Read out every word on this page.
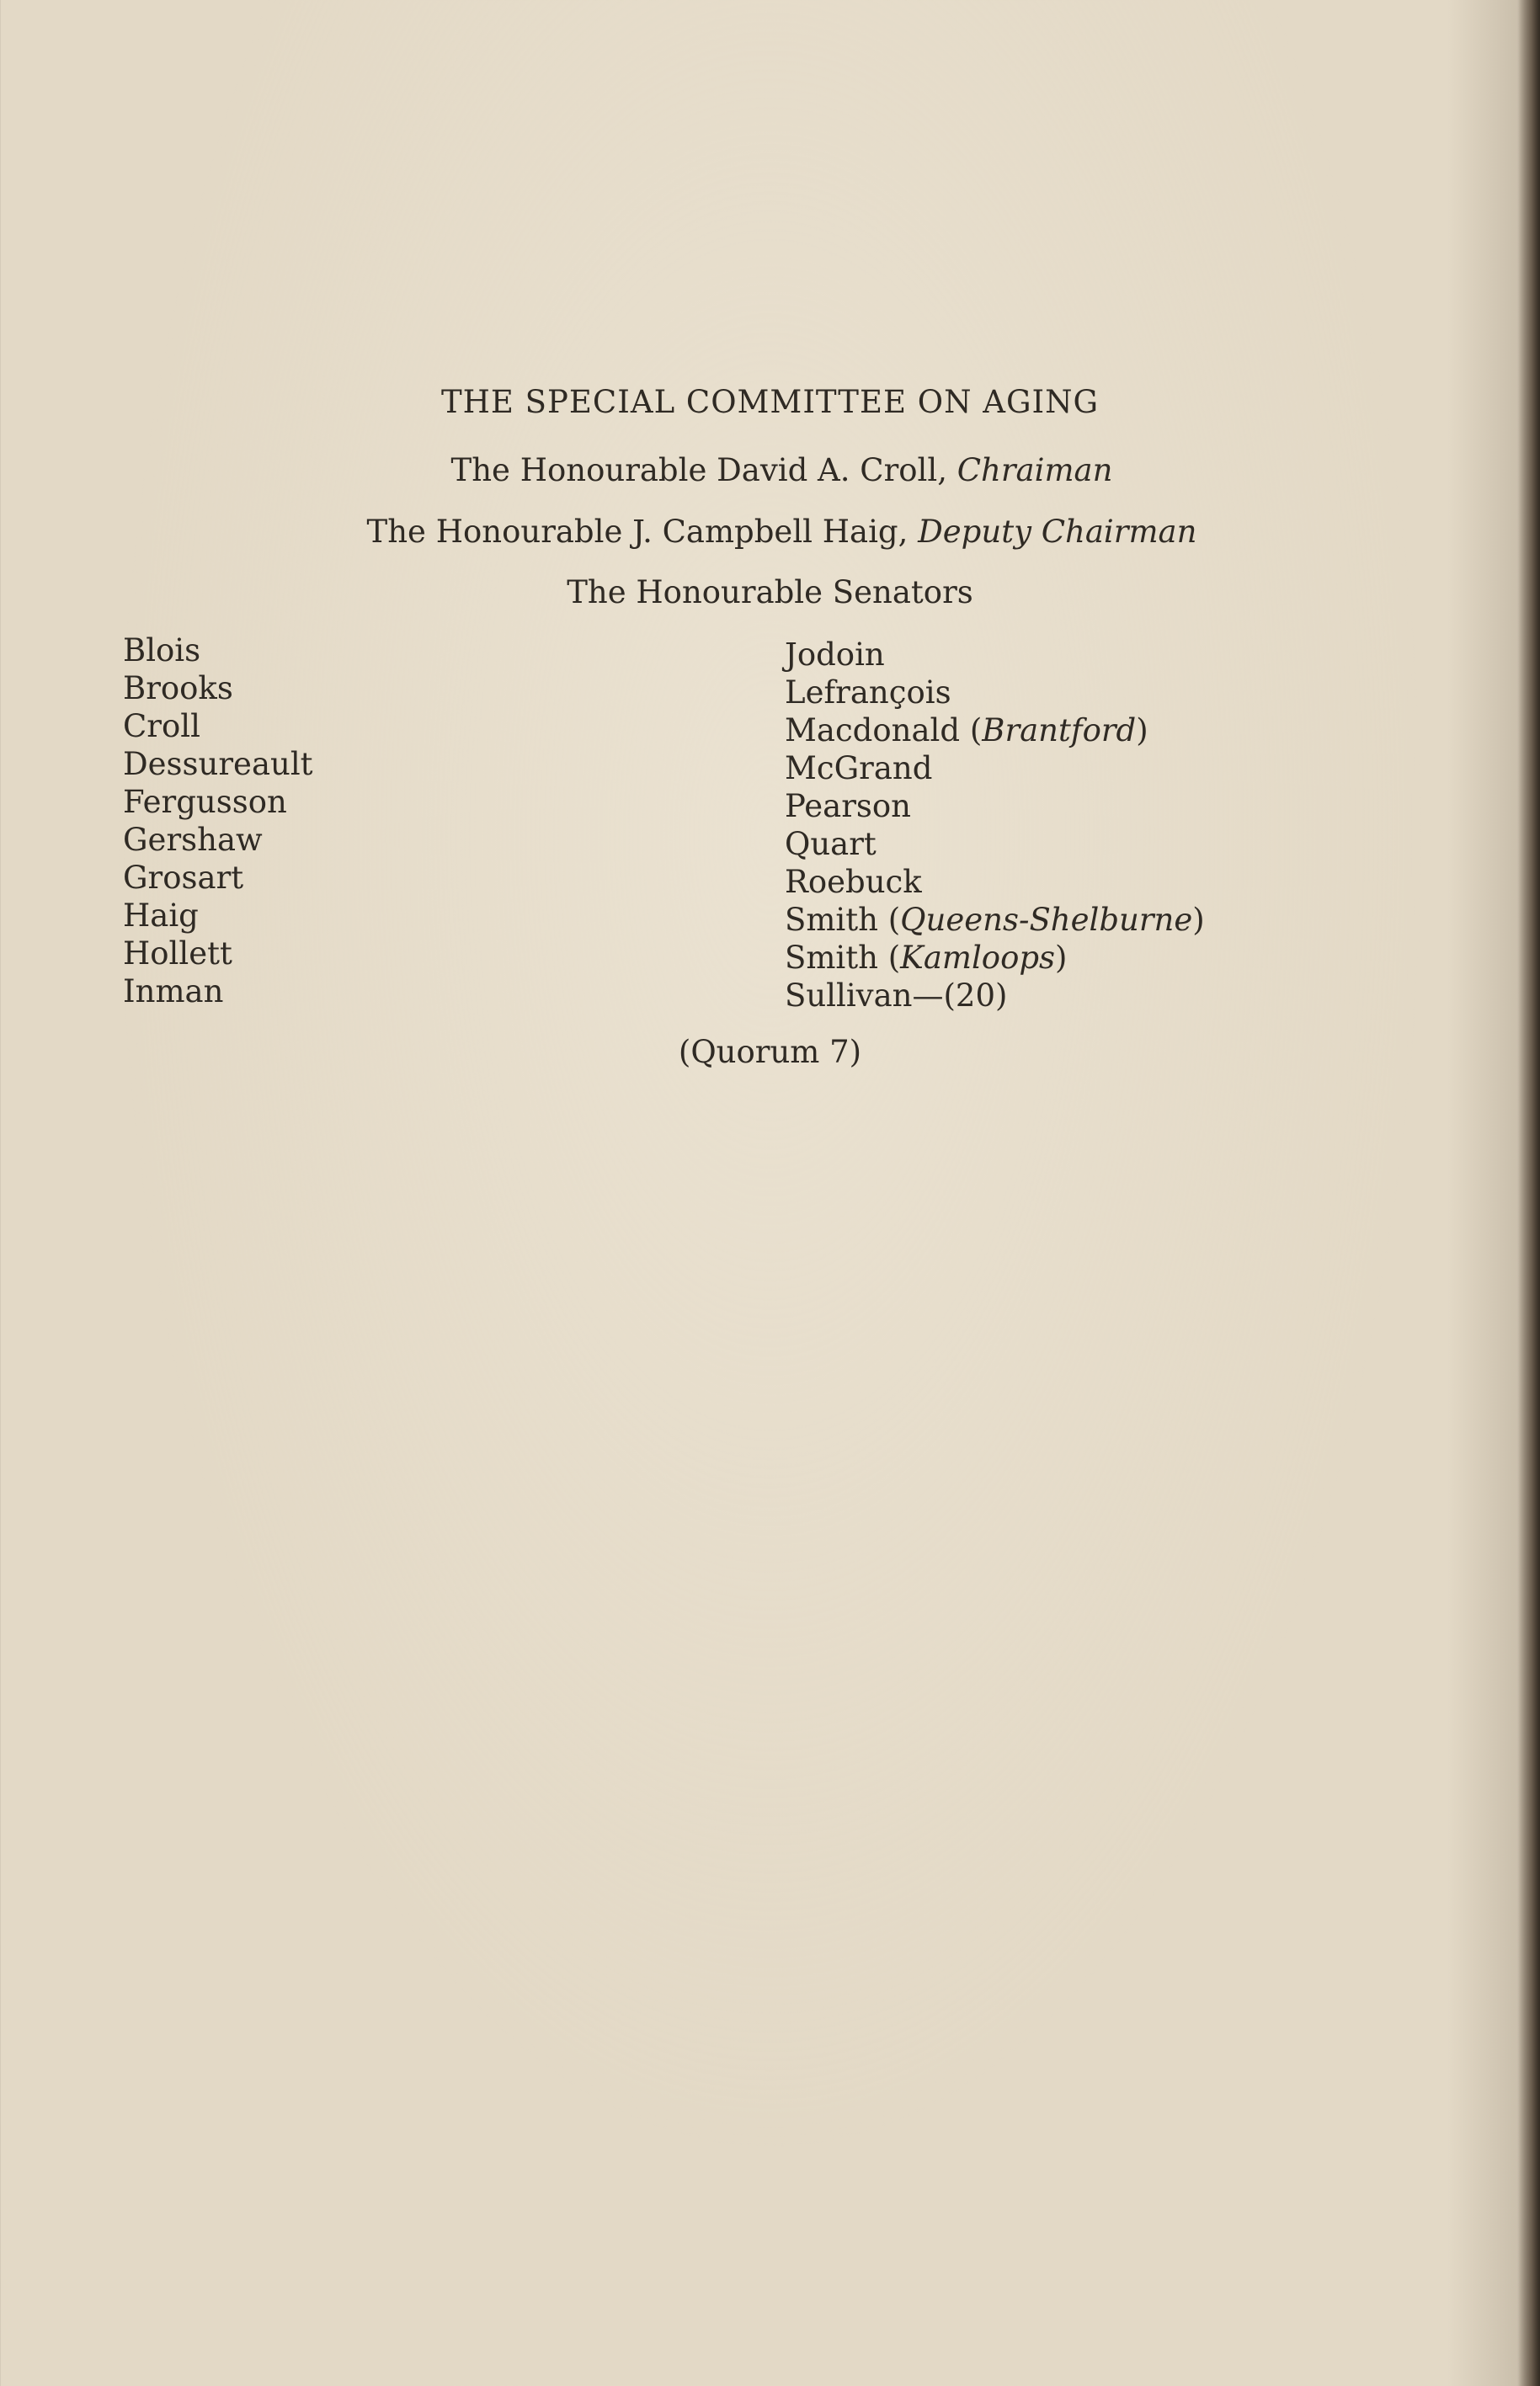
THE SPECIAL COMMITTEE ON AGING
The Honourable David A. Croll, Chraiman
The Honourable J. Campbell Haig, Deputy Chairman
The Honourable Senators
Blois
Brooks
Croll
Dessureault
Fergusson
Gershaw
Grosart
Haig
Hollett
Inman
Jodoin
Lefrançois
Macdonald (Brantford)
McGrand
Pearson
Quart
Roebuck
Smith (Queens-Shelburne)
Smith (Kamloops)
Sullivan—(20)
(Quorum 7)
